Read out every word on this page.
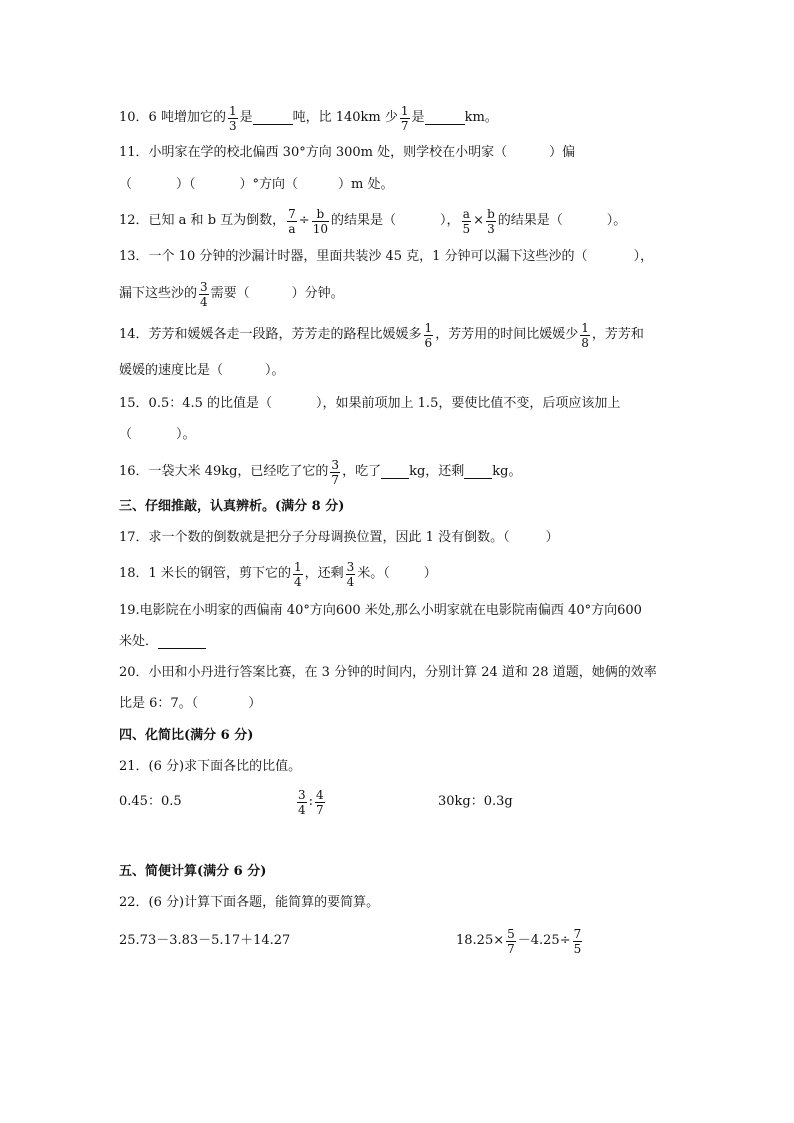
10．6 吨增加它的 $\frac{1}{3}$ 是	吨，比 140km 少 $\frac{1}{7}$ 是	km。
11．小明家在学的校北偏西 30°方向 300m 处，则学校在小明家（	）偏
（	）（	）°方向（	）m 处。
12．已知 a 和 b 互为倒数， $\frac{7}{a} \div \frac{b}{10}$ 的结果是（	）， $\frac{a}{5} \times \frac{b}{3}$ 的结果是（	）。
13．一个 10 分钟的沙漏计时器，里面共装沙 45 克，1 分钟可以漏下这些沙的（	），
漏下这些沙的 $\frac{3}{4}$ 需要（	）分钟。
14．芳芳和媛媛各走一段路，芳芳走的路程比媛媛多 $\frac{1}{6}$ ，芳芳用的时间比媛媛少 $\frac{1}{8}$ ，芳芳和
媛媛的速度比是（	）。
15．0.5：4.5 的比值是（	），如果前项加上 1.5，要使比值不变，后项应该加上
（	）。
16．一袋大米 49kg，已经吃了它的 $\frac{3}{7}$ ，吃了 kg，还剩 kg。
三、仔细推敲，认真辨析。(满分 8 分)
17．求一个数的倒数就是把分子分母调换位置，因此 1 没有倒数。（	）
18．1 米长的钢管，剪下它的 $\frac{1}{4}$ ，还剩 $\frac{3}{4}$ 米。（	）
19.电影院在小明家的西偏南 40°方向600 米处,那么小明家就在电影院南偏西 40°方向600
米处．
20．小田和小丹进行答案比赛，在 3 分钟的时间内，分别计算 24 道和 28 道题，她俩的效率
比是 6：7。（	）
四、化简比(满分 6 分)
21．(6 分)求下面各比的比值。
0.45：0.5	$\frac{3}{4}$ : $\frac{4}{7}$	30kg：0.3g
五、简便计算(满分 6 分)
22．(6 分)计算下面各题，能简算的要简算。
25.73－3.83－5.17＋14.27	$18.25\times \frac{5}{7} -4.25\div \frac{7}{5}$
